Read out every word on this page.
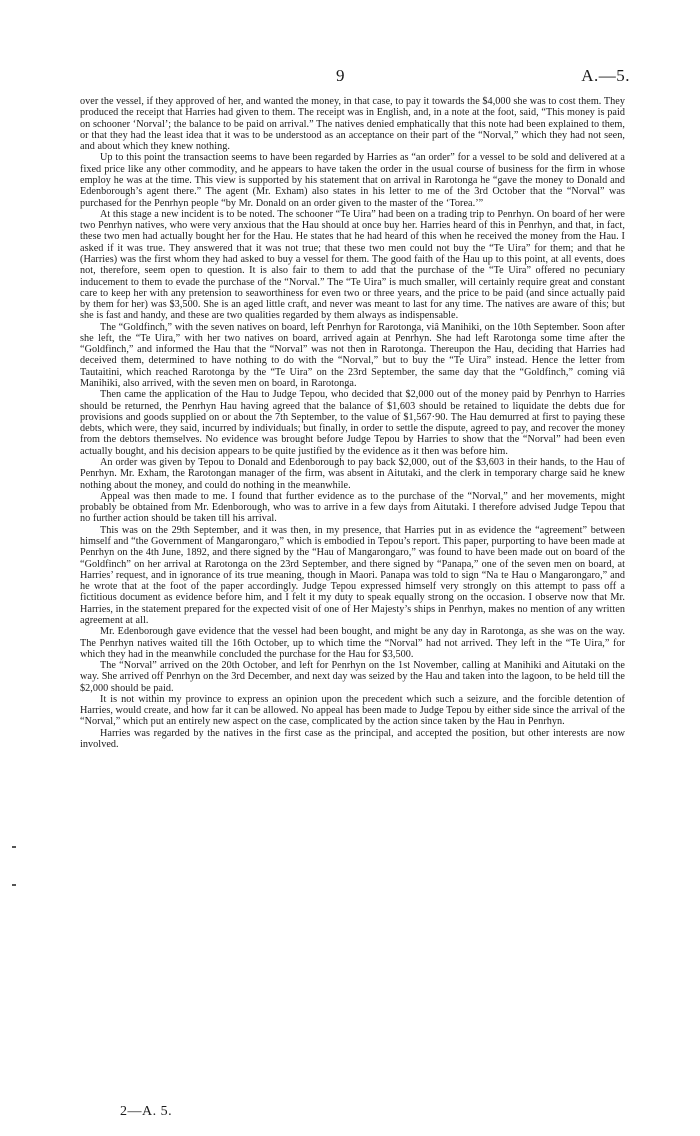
9	A.—5.

over the vessel, if they approved of her, and wanted the money, in that case, to pay it towards the $4,000 she was to cost them. They produced the receipt that Harries had given to them. The receipt was in English, and, in a note at the foot, said, “This money is paid on schooner ‘Norval’; the balance to be paid on arrival.” The natives denied emphatically that this note had been explained to them, or that they had the least idea that it was to be understood as an acceptance on their part of the “Norval,” which they had not seen, and about which they knew nothing.

Up to this point the transaction seems to have been regarded by Harries as “an order” for a vessel to be sold and delivered at a fixed price like any other commodity, and he appears to have taken the order in the usual course of business for the firm in whose employ he was at the time. This view is supported by his statement that on arrival in Rarotonga he “gave the money to Donald and Edenborough’s agent there.” The agent (Mr. Exham) also states in his letter to me of the 3rd October that the “Norval” was purchased for the Penrhyn people “by Mr. Donald on an order given to the master of the ‘Torea.’”

At this stage a new incident is to be noted. The schooner “Te Uira” had been on a trading trip to Penrhyn. On board of her were two Penrhyn natives, who were very anxious that the Hau should at once buy her. Harries heard of this in Penrhyn, and that, in fact, these two men had actually bought her for the Hau. He states that he had heard of this when he received the money from the Hau. I asked if it was true. They answered that it was not true; that these two men could not buy the “Te Uira” for them; and that he (Harries) was the first whom they had asked to buy a vessel for them. The good faith of the Hau up to this point, at all events, does not, therefore, seem open to question. It is also fair to them to add that the purchase of the “Te Uira” offered no pecuniary inducement to them to evade the purchase of the “Norval.” The “Te Uira” is much smaller, will certainly require great and constant care to keep her with any pretension to seaworthiness for even two or three years, and the price to be paid (and since actually paid by them for her) was $3,500. She is an aged little craft, and never was meant to last for any time. The natives are aware of this; but she is fast and handy, and these are two qualities regarded by them always as indispensable.

The “Goldfinch,” with the seven natives on board, left Penrhyn for Rarotonga, viâ Manihiki, on the 10th September. Soon after she left, the “Te Uira,” with her two natives on board, arrived again at Penrhyn. She had left Rarotonga some time after the “Goldfinch,” and informed the Hau that the “Norval” was not then in Rarotonga. Thereupon the Hau, deciding that Harries had deceived them, determined to have nothing to do with the “Norval,” but to buy the “Te Uira” instead. Hence the letter from Tautaitini, which reached Rarotonga by the “Te Uira” on the 23rd September, the same day that the “Goldfinch,” coming viâ Manihiki, also arrived, with the seven men on board, in Rarotonga.

Then came the application of the Hau to Judge Tepou, who decided that $2,000 out of the money paid by Penrhyn to Harries should be returned, the Penrhyn Hau having agreed that the balance of $1,603 should be retained to liquidate the debts due for provisions and goods supplied on or about the 7th September, to the value of $1,567·90. The Hau demurred at first to paying these debts, which were, they said, incurred by individuals; but finally, in order to settle the dispute, agreed to pay, and recover the money from the debtors themselves. No evidence was brought before Judge Tepou by Harries to show that the “Norval” had been even actually bought, and his decision appears to be quite justified by the evidence as it then was before him.

An order was given by Tepou to Donald and Edenborough to pay back $2,000, out of the $3,603 in their hands, to the Hau of Penrhyn. Mr. Exham, the Rarotongan manager of the firm, was absent in Aitutaki, and the clerk in temporary charge said he knew nothing about the money, and could do nothing in the meanwhile.

Appeal was then made to me. I found that further evidence as to the purchase of the “Norval,” and her movements, might probably be obtained from Mr. Edenborough, who was to arrive in a few days from Aitutaki. I therefore advised Judge Tepou that no further action should be taken till his arrival.

This was on the 29th September, and it was then, in my presence, that Harries put in as evidence the “agreement” between himself and “the Government of Mangarongaro,” which is embodied in Tepou’s report. This paper, purporting to have been made at Penrhyn on the 4th June, 1892, and there signed by the “Hau of Mangarongaro,” was found to have been made out on board of the “Goldfinch” on her arrival at Rarotonga on the 23rd September, and there signed by “Panapa,” one of the seven men on board, at Harries’ request, and in ignorance of its true meaning, though in Maori. Panapa was told to sign “Na te Hau o Mangarongaro,” and he wrote that at the foot of the paper accordingly. Judge Tepou expressed himself very strongly on this attempt to pass off a fictitious document as evidence before him, and I felt it my duty to speak equally strong on the occasion. I observe now that Mr. Harries, in the statement prepared for the expected visit of one of Her Majesty’s ships in Penrhyn, makes no mention of any written agreement at all.

Mr. Edenborough gave evidence that the vessel had been bought, and might be any day in Rarotonga, as she was on the way. The Penrhyn natives waited till the 16th October, up to which time the “Norval” had not arrived. They left in the “Te Uira,” for which they had in the meanwhile concluded the purchase for the Hau for $3,500.

The “Norval” arrived on the 20th October, and left for Penrhyn on the 1st November, calling at Manihiki and Aitutaki on the way. She arrived off Penrhyn on the 3rd December, and next day was seized by the Hau and taken into the lagoon, to be held till the $2,000 should be paid.

It is not within my province to express an opinion upon the precedent which such a seizure, and the forcible detention of Harries, would create, and how far it can be allowed. No appeal has been made to Judge Tepou by either side since the arrival of the “Norval,” which put an entirely new aspect on the case, complicated by the action since taken by the Hau in Penrhyn.

Harries was regarded by the natives in the first case as the principal, and accepted the position, but other interests are now involved.

2—A. 5.
